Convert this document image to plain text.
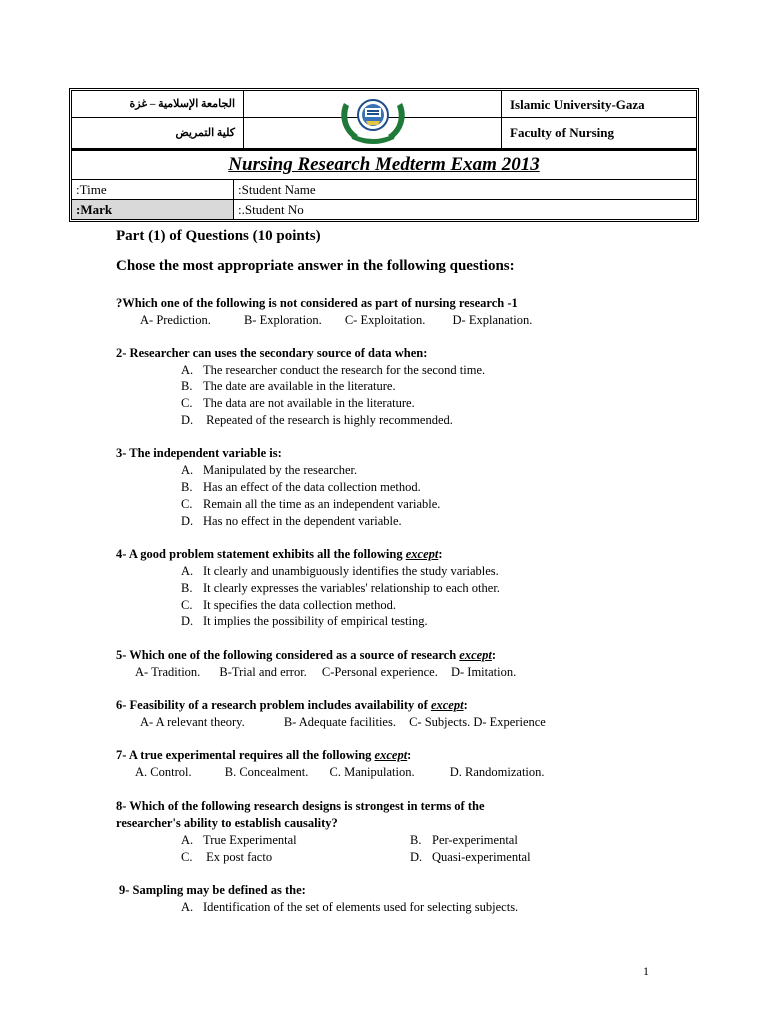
الجامعة الإسلامية – غزة	Islamic University-Gaza
كلية التمريض	Faculty of Nursing
Nursing Research Medterm Exam 2013
:Time	:Student Name
:Mark	:.Student No
Part (1) of Questions (10 points)
Chose the most appropriate answer in the following questions:
?Which one of the following is not considered as part of nursing research -1
A- Prediction.	B- Exploration. C- Exploitation. D- Explanation.
2- Researcher can uses the secondary source of data when:
A. The researcher conduct the research for the second time.
B. The date are available in the literature.
C. The data are not available in the literature.
D. Repeated of the research is highly recommended.
3- The independent variable is:
A. Manipulated by the researcher.
B. Has an effect of the data collection method.
C. Remain all the time as an independent variable.
D. Has no effect in the dependent variable.
4- A good problem statement exhibits all the following except:
A. It clearly and unambiguously identifies the study variables.
B. It clearly expresses the variables' relationship to each other.
C. It specifies the data collection method.
D. It implies the possibility of empirical testing.
5- Which one of the following considered as a source of research except:
A- Tradition. B-Trial and error. C-Personal experience. D- Imitation.
6- Feasibility of a research problem includes availability of except:
A- A relevant theory.	B- Adequate facilities. C- Subjects. D- Experience
7- A true experimental requires all the following except:
A. Control.	B. Concealment. C. Manipulation.	D. Randomization.
8- Which of the following research designs is strongest in terms of the
researcher's ability to establish causality?
A. True Experimental	B. Per-experimental
C. Ex post facto	D. Quasi-experimental
9- Sampling may be defined as the:
A. Identification of the set of elements used for selecting subjects.
1
